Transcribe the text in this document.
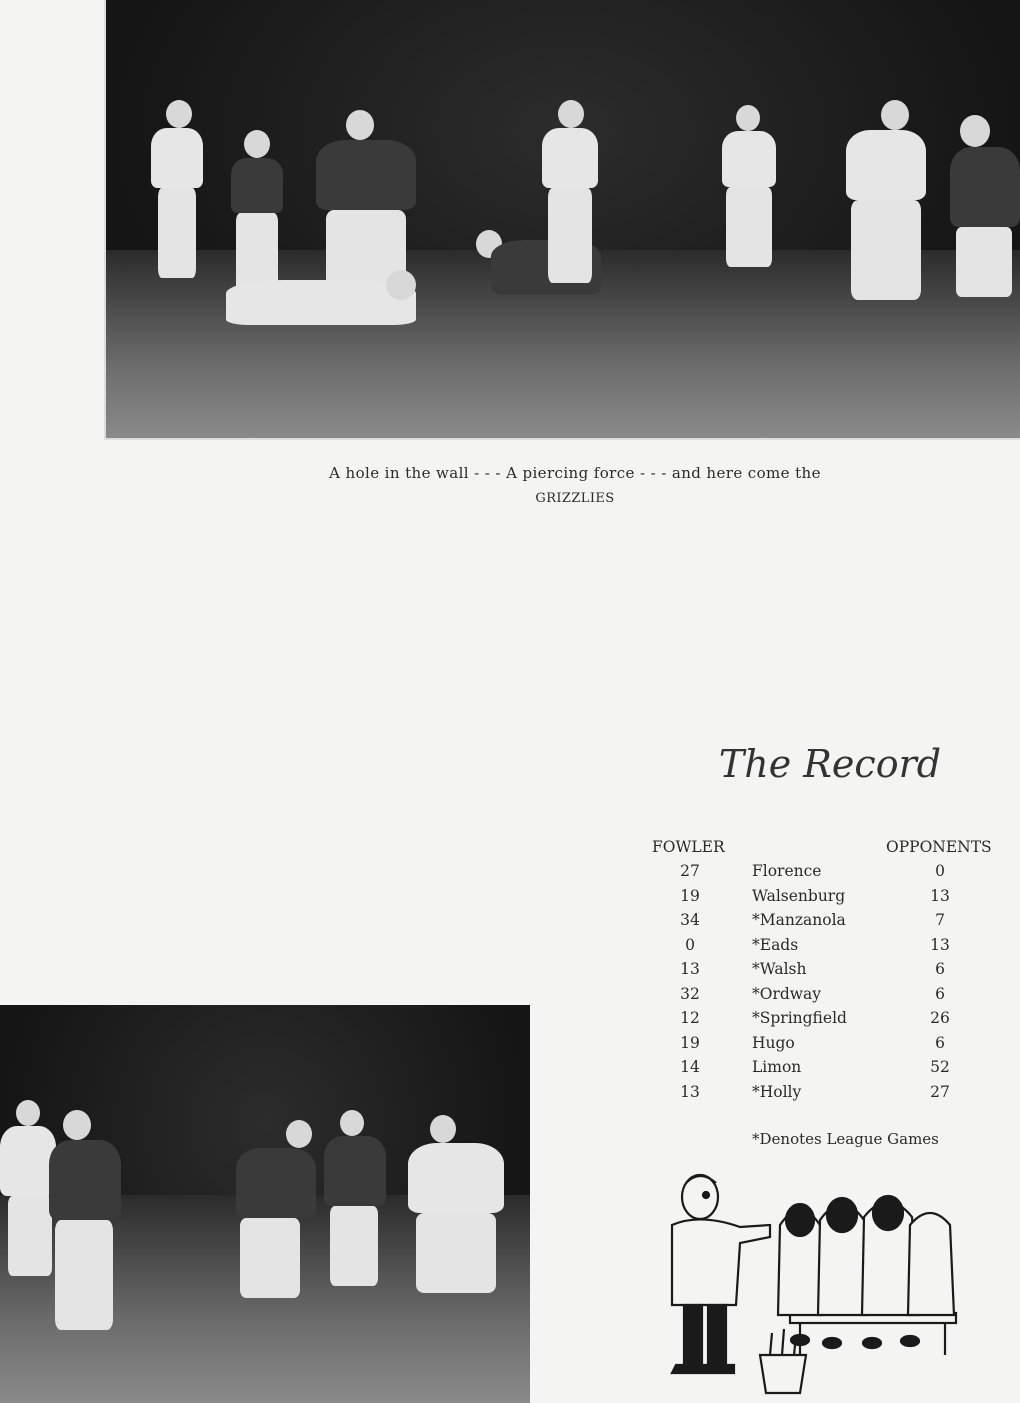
A hole in the wall - - - A piercing force - - - and here come the
GRIZZLIES
The Record
FOWLER	OPPONENTS
27	Florence	0
19	Walsenburg	13
34	*Manzanola	7
0	*Eads	13
13	*Walsh	6
32	*Ordway	6
12	*Springfield	26
19	Hugo	6
14	Limon	52
13	*Holly	27
*Denotes League Games
